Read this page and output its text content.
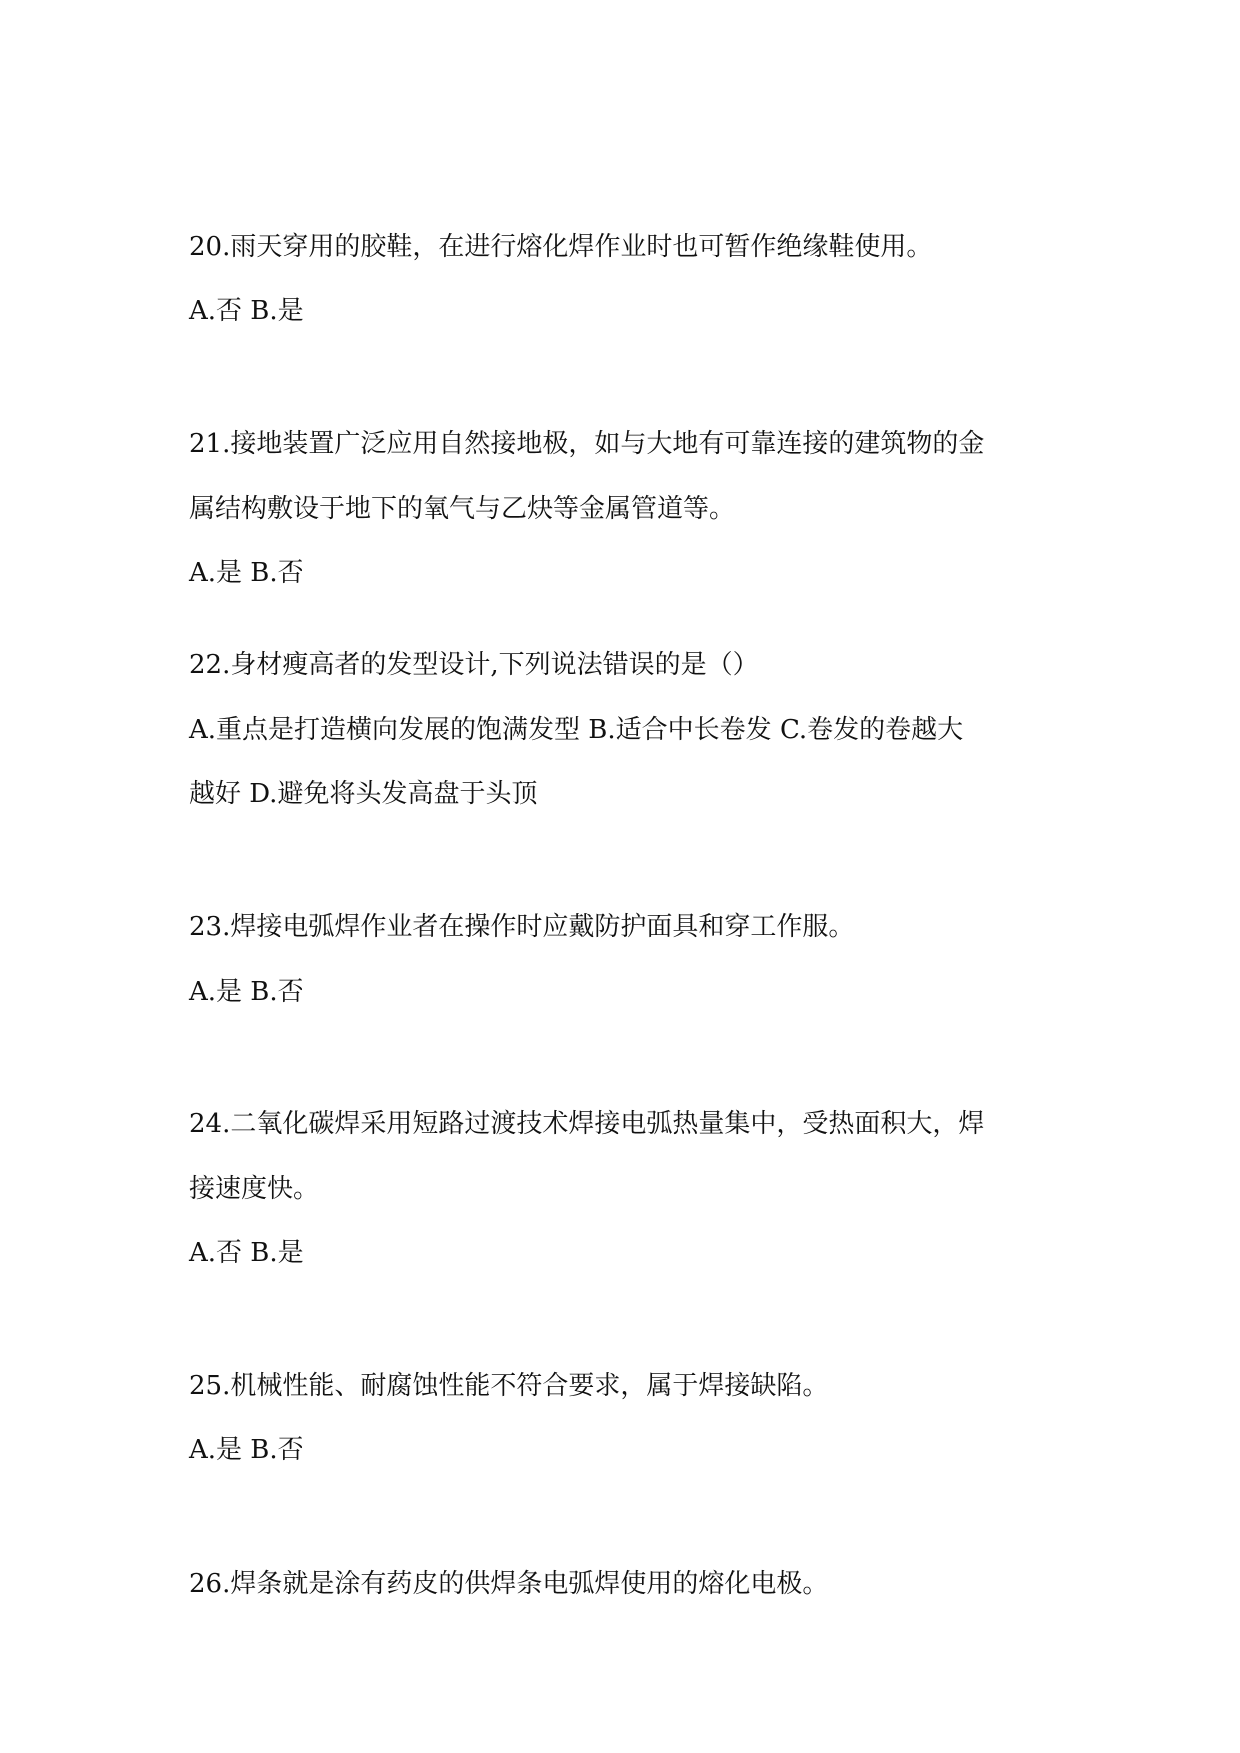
20.雨天穿用的胶鞋，在进行熔化焊作业时也可暂作绝缘鞋使用。

A.否 B.是

21.接地装置广泛应用自然接地极，如与大地有可靠连接的建筑物的金

属结构敷设于地下的氧气与乙炔等金属管道等。

A.是 B.否

22.身材瘦高者的发型设计,下列说法错误的是（）

A.重点是打造横向发展的饱满发型 B.适合中长卷发 C.卷发的卷越大

越好 D.避免将头发高盘于头顶

23.焊接电弧焊作业者在操作时应戴防护面具和穿工作服。

A.是 B.否

24.二氧化碳焊采用短路过渡技术焊接电弧热量集中，受热面积大，焊

接速度快。

A.否 B.是

25.机械性能、耐腐蚀性能不符合要求，属于焊接缺陷。

A.是 B.否

26.焊条就是涂有药皮的供焊条电弧焊使用的熔化电极。
